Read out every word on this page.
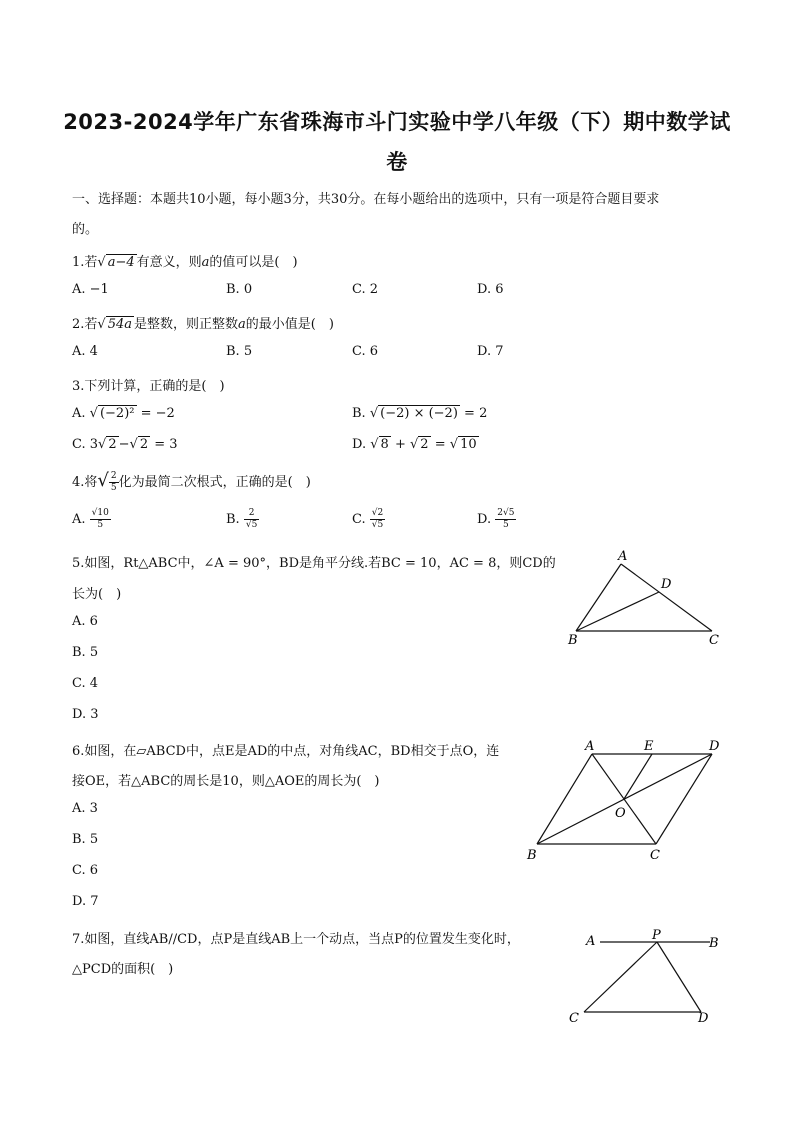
2023-2024学年广东省珠海市斗门实验中学八年级（下）期中数学试
卷
一、选择题：本题共10小题，每小题3分，共30分。在每小题给出的选项中，只有一项是符合题目要求
的。
1.若√ a−4 有意义，则a的值可以是(　)
A. −1	B. 0	C. 2	D. 6
2.若√ 54a 是整数，则正整数a的最小值是(　)
A. 4	B. 5	C. 6	D. 7
3.下列计算，正确的是(　)
A. √ (−2)² = −2	B. √ (−2) × (−2) = 2
C. 3√ 2 −√ 2 = 3	D. √ 8 + √ 2 = √ 10
4.将√ $\frac{2}{5}$ 化为最简二次根式，正确的是(　)
A. $\frac{√10}{5}$	B. $\frac{2}{√5}$	C. $\frac{√2}{√5}$	D. $\frac{2√5}{5}$
5.如图，Rt△ABC中，∠A = 90°，BD是角平分线.若BC = 10，AC = 8，则CD的
长为(　)
A. 6
B. 5
C. 4
D. 3
A
D
B	C
6.如图，在▱ABCD中，点E是AD的中点，对角线AC，BD相交于点O，连
接OE，若△ABC的周长是10，则△AOE的周长为(　)
A. 3
B. 5
C. 6
D. 7
A	E	D
O
B	C
7.如图，直线AB//CD，点P是直线AB上一个动点，当点P的位置发生变化时，
△PCD的面积(　)
A	P
B
C	D
